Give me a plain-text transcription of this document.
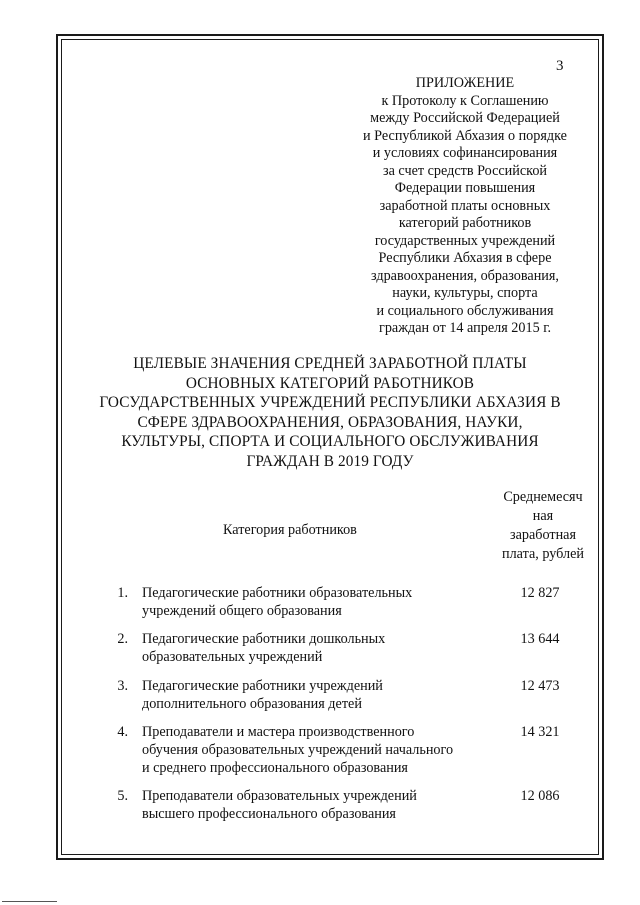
3
ПРИЛОЖЕНИЕ
к Протоколу к Соглашению
между Российской Федерацией
и Республикой Абхазия о порядке
и условиях софинансирования
за счет средств Российской
Федерации повышения
заработной платы основных
категорий работников
государственных учреждений
Республики Абхазия в сфере
здравоохранения, образования,
науки, культуры, спорта
и социального обслуживания
граждан от 14 апреля 2015 г.
ЦЕЛЕВЫЕ ЗНАЧЕНИЯ СРЕДНЕЙ ЗАРАБОТНОЙ ПЛАТЫ
ОСНОВНЫХ КАТЕГОРИЙ РАБОТНИКОВ
ГОСУДАРСТВЕННЫХ УЧРЕЖДЕНИЙ РЕСПУБЛИКИ АБХАЗИЯ В
СФЕРЕ ЗДРАВООХРАНЕНИЯ, ОБРАЗОВАНИЯ, НАУКИ,
КУЛЬТУРЫ, СПОРТА И СОЦИАЛЬНОГО ОБСЛУЖИВАНИЯ
ГРАЖДАН В 2019 ГОДУ
Категория работников
Среднемесяч
ная
заработная
плата, рублей
1. Педагогические работники образовательных
учреждений общего образования
12 827
2. Педагогические работники дошкольных
образовательных учреждений
13 644
3. Педагогические работники учреждений
дополнительного образования детей
12 473
4. Преподаватели и мастера производственного
обучения образовательных учреждений начального
и среднего профессионального образования
14 321
5. Преподаватели образовательных учреждений
высшего профессионального образования
12 086
